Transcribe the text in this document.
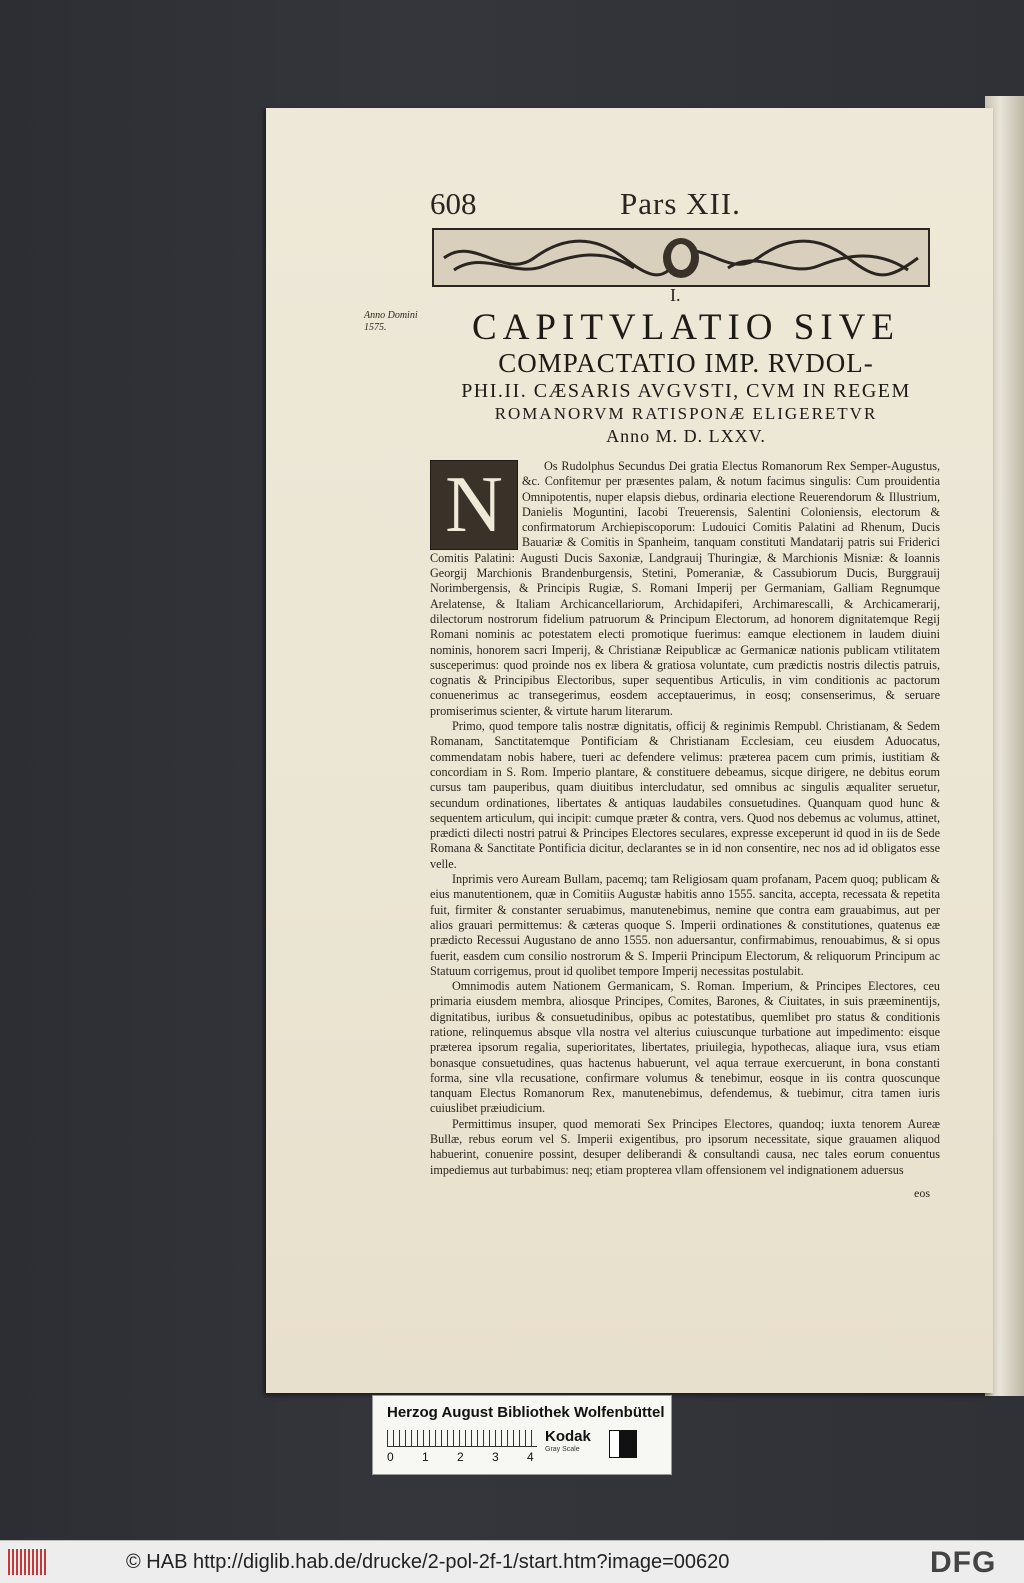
608	Pars XII.
I.
Anno Domini 1575.	CAPITVLATIO SIVE
COMPACTATIO IMP. RVDOL-
PHI.II. CÆSARIS AVGVSTI, CVM IN REGEM
ROMANORVM RATISPONÆ ELIGERETVR
Anno M. D. LXXV.

Os Rudolphus Secundus Dei gratia Electus Romanorum Rex Semper-Augustus, &c. Confitemur per præsentes palam, & notum facimus singulis: Cum prouidentia Omnipotentis, nuper elapsis diebus, ordinaria electione Reuerendorum & Illustrium, Danielis Moguntini, Iacobi Treuerensis, Salentini Coloniensis, electorum & confirmatorum Archiepiscoporum: Ludouici Comitis Palatini ad Rhenum, Ducis Bauariæ & Comitis in Spanheim, tanquam constituti Mandatarij patris sui Friderici Comitis Palatini: Augusti Ducis Saxoniæ, Landgrauij Thuringiæ, & Marchionis Misniæ: & Ioannis Georgij Marchionis Brandenburgensis, Stetini, Pomeraniæ, & Cassubiorum Ducis, Burggrauij Norimbergensis, & Principis Rugiæ, S. Romani Imperij per Germaniam, Galliam Regnumque Arelatense, & Italiam Archicancellariorum, Archidapiferi, Archimarescalli, & Archicamerarij, dilectorum nostrorum fidelium patruorum & Principum Electorum, ad honorem dignitatemque Regij Romani nominis ac potestatem electi promotique fuerimus: eamque electionem in laudem diuini nominis, honorem sacri Imperij, & Christianæ Reipublicæ ac Germanicæ nationis publicam vtilitatem susceperimus: quod proinde nos ex libera & gratiosa voluntate, cum prædictis nostris dilectis patruis, cognatis & Principibus Electoribus, super sequentibus Articulis, in vim conditionis ac pactorum conuenerimus ac transegerimus, eosdem acceptauerimus, in eosq; consenserimus, & seruare promiserimus scienter, & virtute harum literarum.

Primo, quod tempore talis nostræ dignitatis, officij & reginimis Rempubl. Christianam, & Sedem Romanam, Sanctitatemque Pontificiam & Christianam Ecclesiam, ceu eiusdem Aduocatus, commendatam nobis habere, tueri ac defendere velimus: præterea pacem cum primis, iustitiam & concordiam in S. Rom. Imperio plantare, & constituere debeamus, sicque dirigere, ne debitus eorum cursus tam pauperibus, quam diuitibus intercludatur, sed omnibus ac singulis æqualiter seruetur, secundum ordinationes, libertates & antiquas laudabiles consuetudines. Quanquam quod hunc & sequentem articulum, qui incipit: cumque præter & contra, vers. Quod nos debemus ac volumus, attinet, prædicti dilecti nostri patrui & Principes Electores seculares, expresse exceperunt id quod in iis de Sede Romana & Sanctitate Pontificia dicitur, declarantes se in id non consentire, nec nos ad id obligatos esse velle.

Inprimis vero Auream Bullam, pacemq; tam Religiosam quam profanam, Pacem quoq; publicam & eius manutentionem, quæ in Comitiis Augustæ habitis anno 1555. sancita, accepta, recessata & repetita fuit, firmiter & constanter seruabimus, manutenebimus, nemine que contra eam grauabimus, aut per alios grauari permittemus: & cæteras quoque S. Imperii ordinationes & constitutiones, quatenus eæ prædicto Recessui Augustano de anno 1555. non aduersantur, confirmabimus, renouabimus, & si opus fuerit, easdem cum consilio nostrorum & S. Imperii Principum Electorum, & reliquorum Principum ac Statuum corrigemus, prout id quolibet tempore Imperij necessitas postulabit.

Omnimodis autem Nationem Germanicam, S. Roman. Imperium, & Principes Electores, ceu primaria eiusdem membra, aliosque Principes, Comites, Barones, & Ciuitates, in suis præeminentijs, dignitatibus, iuribus & consuetudinibus, opibus ac potestatibus, quemlibet pro status & conditionis ratione, relinquemus absque vlla nostra vel alterius cuiuscunque turbatione aut impedimento: eisque præterea ipsorum regalia, superioritates, libertates, priuilegia, hypothecas, aliaque iura, vsus etiam bonasque consuetudines, quas hactenus habuerunt, vel aqua terraue exercuerunt, in bona constanti forma, sine vlla recusatione, confirmare volumus & tenebimur, eosque in iis contra quoscunque tanquam Electus Romanorum Rex, manutenebimus, defendemus, & tuebimur, citra tamen iuris cuiuslibet præiudicium.

Permittimus insuper, quod memorati Sex Principes Electores, quandoq; iuxta tenorem Aureæ Bullæ, rebus eorum vel S. Imperii exigentibus, pro ipsorum necessitate, sique grauamen aliquod habuerint, conuenire possint, desuper deliberandi & consultandi causa, nec tales eorum conuentus impediemus aut turbabimus: neq; etiam propterea vllam offensionem vel indignationem aduersus

N
eos
Herzog August Bibliothek Wolfenbüttel
0 1 2 3 4
Kodak
Gray Scale
© HAB http://diglib.hab.de/drucke/2-pol-2f-1/start.htm?image=00620	DFG
